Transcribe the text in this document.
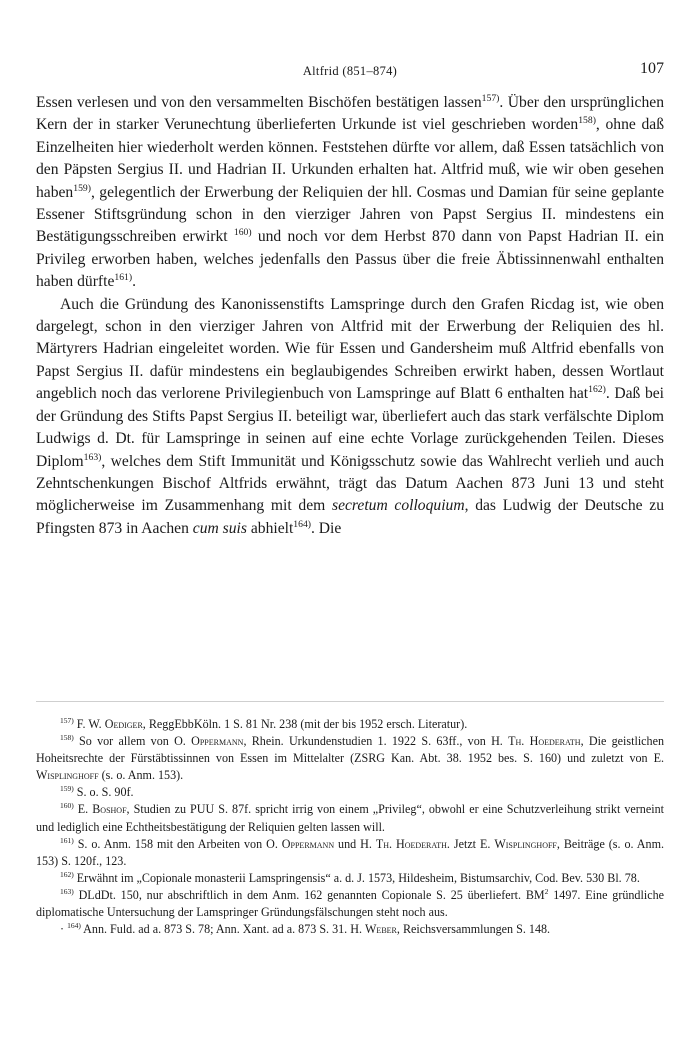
Altfrid (851–874)	107

Essen verlesen und von den versammelten Bischöfen bestätigen lassen$^{157)}$. Über den ursprünglichen Kern der in starker Verunechtung überlieferten Urkunde ist viel geschrieben worden$^{158)}$, ohne daß Einzelheiten hier wiederholt werden können. Feststehen dürfte vor allem, daß Essen tatsächlich von den Päpsten Sergius II. und Hadrian II. Urkunden erhalten hat. Altfrid muß, wie wir oben gesehen haben$^{159)}$, gelegentlich der Erwerbung der Reliquien der hll. Cosmas und Damian für seine geplante Essener Stiftsgründung schon in den vierziger Jahren von Papst Sergius II. mindestens ein Bestätigungsschreiben erwirkt $^{160)}$ und noch vor dem Herbst 870 dann von Papst Hadrian II. ein Privileg erworben haben, welches jedenfalls den Passus über die freie Äbtissinnenwahl enthalten haben dürfte$^{161)}$.

Auch die Gründung des Kanonissenstifts Lamspringe durch den Grafen Ricdag ist, wie oben dargelegt, schon in den vierziger Jahren von Altfrid mit der Erwerbung der Reliquien des hl. Märtyrers Hadrian eingeleitet worden. Wie für Essen und Gandersheim muß Altfrid ebenfalls von Papst Sergius II. dafür mindestens ein beglaubigendes Schreiben erwirkt haben, dessen Wortlaut angeblich noch das verlorene Privilegienbuch von Lamspringe auf Blatt 6 enthalten hat$^{162)}$. Daß bei der Gründung des Stifts Papst Sergius II. beteiligt war, überliefert auch das stark verfälschte Diplom Ludwigs d. Dt. für Lamspringe in seinen auf eine echte Vorlage zurückgehenden Teilen. Dieses Diplom$^{163)}$, welches dem Stift Immunität und Königsschutz sowie das Wahlrecht verlieh und auch Zehntschenkungen Bischof Altfrids erwähnt, trägt das Datum Aachen 873 Juni 13 und steht möglicherweise im Zusammenhang mit dem secretum colloquium, das Ludwig der Deutsche zu Pfingsten 873 in Aachen cum suis abhielt$^{164)}$. Die

$^{157)}$ F. W. Oediger, ReggEbbKöln. 1 S. 81 Nr. 238 (mit der bis 1952 ersch. Literatur).

$^{158)}$ So vor allem von O. Oppermann, Rhein. Urkundenstudien 1. 1922 S. 63ff., von H. Th. Hoederath, Die geistlichen Hoheitsrechte der Fürstäbtissinnen von Essen im Mittelalter (ZSRG Kan. Abt. 38. 1952 bes. S. 160) und zuletzt von E. Wisplinghoff (s. o. Anm. 153).

$^{159)}$ S. o. S. 90f.

$^{160)}$ E. Boshof, Studien zu PUU S. 87f. spricht irrig von einem „Privileg“, obwohl er eine Schutzverleihung strikt verneint und lediglich eine Echtheitsbestätigung der Reliquien gelten lassen will.

$^{161)}$ S. o. Anm. 158 mit den Arbeiten von O. Oppermann und H. Th. Hoederath. Jetzt E. Wisplinghoff, Beiträge (s. o. Anm. 153) S. 120f., 123.

$^{162)}$ Erwähnt im „Copionale monasterii Lamspringensis“ a. d. J. 1573, Hildesheim, Bistumsarchiv, Cod. Bev. 530 Bl. 78.

$^{163)}$ DLdDt. 150, nur abschriftlich in dem Anm. 162 genannten Copionale S. 25 überliefert. $BM^2$ 1497. Eine gründliche diplomatische Untersuchung der Lamspringer Gründungsfälschungen steht noch aus.

· $^{164)}$ Ann. Fuld. ad a. 873 S. 78; Ann. Xant. ad a. 873 S. 31. H. Weber, Reichsversammlungen S. 148.
